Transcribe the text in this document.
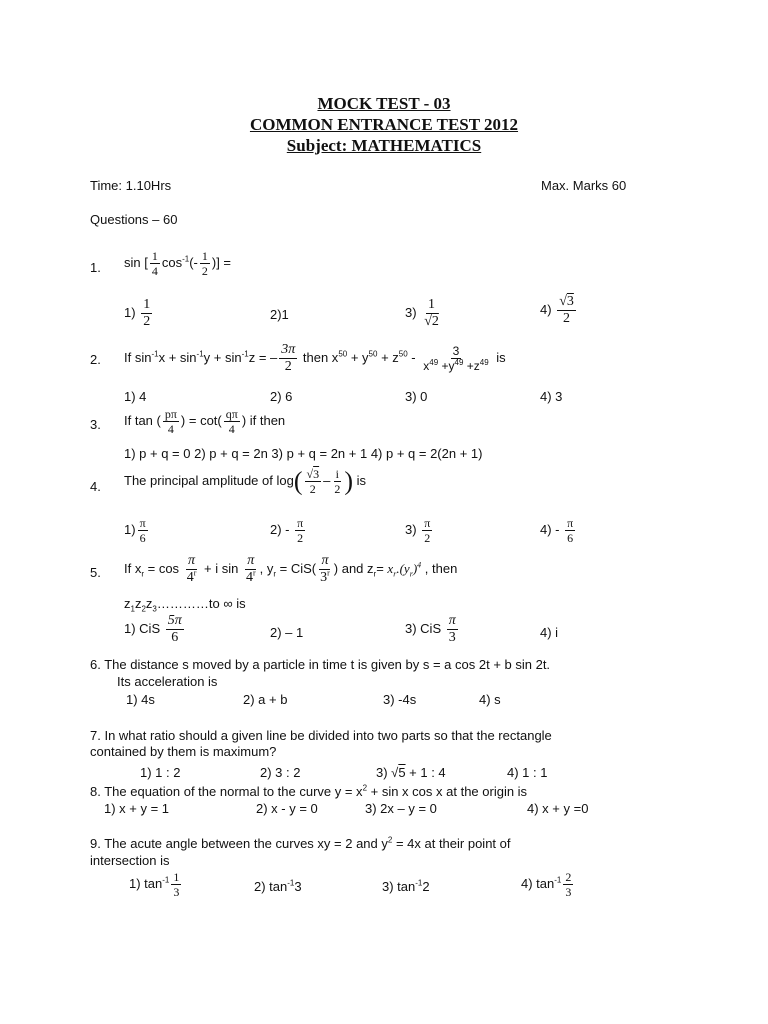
MOCK TEST - 03
COMMON ENTRANCE TEST 2012
Subject: MATHEMATICS
Time: 1.10Hrs	Max. Marks 60
Questions – 60
1. sin [ $\frac{1}{4} \cos^{-1}(- \frac{1}{2}$ )] =
$1) \frac{1}{2}$	2)1	$3) \frac{1}{√2}$	$4) \frac{√3}{2}$
2. If $\sin^{-1}x + \sin^{-1}y + \sin^{-1}z$ = – $\frac{3\pi}{2}$ then $x^{50} + y^{50} + z^{50} - \frac{3}{x^{49} +y^{49} +z^{49}}$ is
1) 4	2) 6	3) 0	4) 3
3. If tan ( $\frac{p\pi}{4}$ ) = $\cot( \frac{q\pi}{4}$ ) if then
1) p + q = 0 2) p + q = 2n 3) p + q = 2n + 1 4) p + q = 2(2n + 1)
4. The principal amplitude of $\log( \frac{√3}{2} - \frac{i}{2}$ ) is
$1) \frac{\pi}{6}$	$2) - \frac{\pi}{2}$	$3) \frac{\pi}{2}$	$4) - \frac{\pi}{6}$
5. If $x_r = \cos \frac{\pi}{4^r} + i$ $\sin \frac{\pi}{4^r}$ , $y_r = CiS( \frac{\pi}{3^r}$ ) and $z_r= x_r.(y_r)^4$ , then
$z_1z_2z_3\dots\dots\dots\dots to$ ∞ is
1) CiS $\frac{5\pi}{6}$	2) – 1	3) CiS $\frac{\pi}{3}$	4) i
6. The distance s moved by a particle in time t is given by s = a cos 2t + b sin 2t.
Its acceleration is
1) 4s	2) a + b	3) -4s	4) s
7. In what ratio should a given line be divided into two parts so that the rectangle
contained by them is maximum?
1) 1 : 2	2) 3 : 2	3) √5 + 1 : 4	4) 1 : 1
8. The equation of the normal to the curve $y = x^2 + \sin x$ cos x at the origin is
1) x + y = 1	2) x - y = 0	3) 2x – y = 0	4) x + y =0
9. The acute angle between the curves xy = 2 and $y^2 = 4x$ at their point of
intersection is
1) $\tan^{-1} \frac{1}{3}$	2) $\tan^{-1}3$	3) $\tan^{-1}2$	4) $\tan^{-1} \frac{2}{3}$
